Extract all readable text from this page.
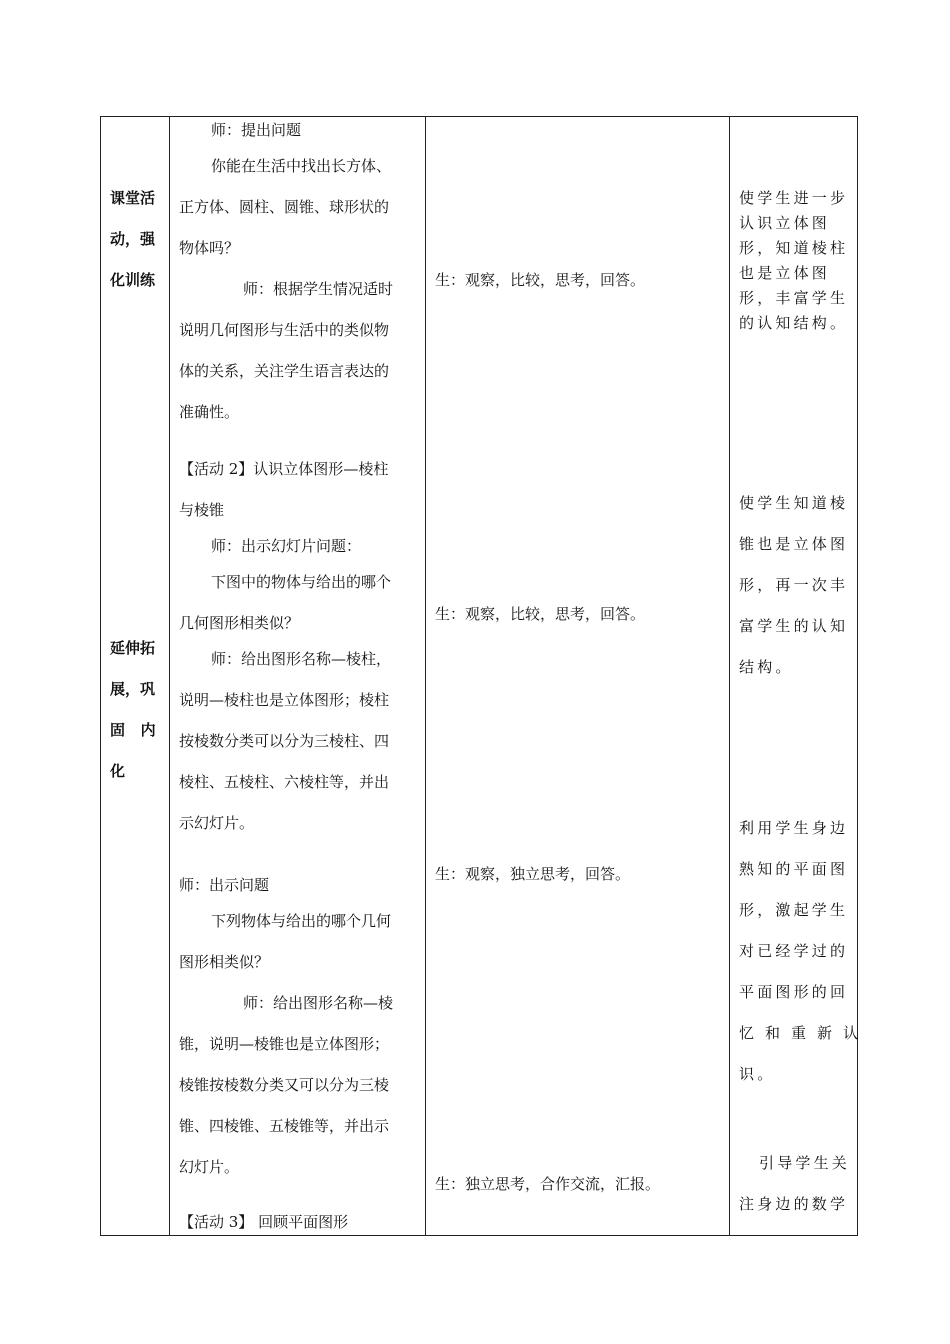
课堂活
动，强
化训练
延伸拓
展，巩
固   内
化
师：提出问题
你能在生活中找出长方体、
正方体、圆柱、圆锥、球形状的
物体吗？
师：根据学生情况适时
说明几何图形与生活中的类似物
体的关系，关注学生语言表达的
准确性。
【活动 2】认识立体图形—棱柱
与棱锥
师：出示幻灯片问题：
下图中的物体与给出的哪个
几何图形相类似？
师：给出图形名称—棱柱，
说明—棱柱也是立体图形；棱柱
按棱数分类可以分为三棱柱、四
棱柱、五棱柱、六棱柱等，并出
示幻灯片。
师：出示问题
下列物体与给出的哪个几何
图形相类似？
师：给出图形名称—棱
锥，说明—棱锥也是立体图形；
棱锥按棱数分类又可以分为三棱
锥、四棱锥、五棱锥等，并出示
幻灯片。
【活动 3】 回顾平面图形
生：观察，比较，思考，回答。
生：观察，比较，思考，回答。
生：观察，独立思考，回答。
生：独立思考，合作交流，汇报。
使学生进一步
认识立体图
形，知道棱柱
也是立体图
形，丰富学生
的认知结构。
使学生知道棱
锥也是立体图
形，再一次丰
富学生的认知
结构。
利用学生身边
熟知的平面图
形，激起学生
对已经学过的
平面图形的回
忆和重新认
识。
引导学生关
注身边的数学
